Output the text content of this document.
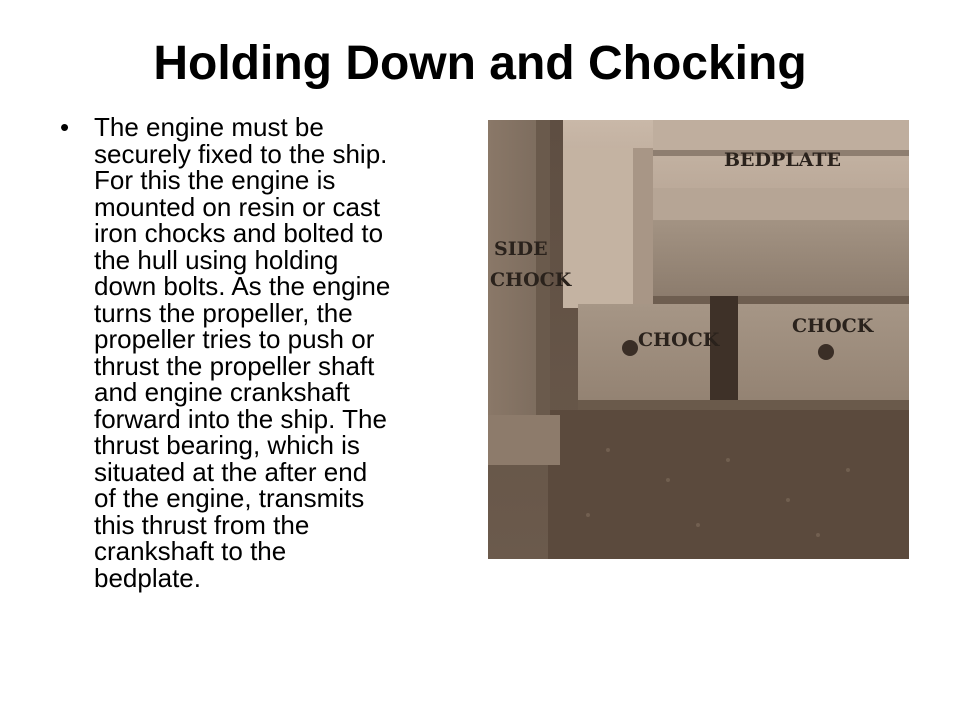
Holding Down and Chocking
• The engine must be
securely fixed to the ship.
For this the engine is
mounted on resin or cast
iron chocks and bolted to
the hull using holding
down bolts. As the engine
turns the propeller, the
propeller tries to push or
thrust the propeller shaft
and engine crankshaft
forward into the ship. The
thrust bearing, which is
situated at the after end
of the engine, transmits
this thrust from the
crankshaft to the
bedplate.
BEDPLATE
SIDE
CHOCK
CHOCK
CHOCK
